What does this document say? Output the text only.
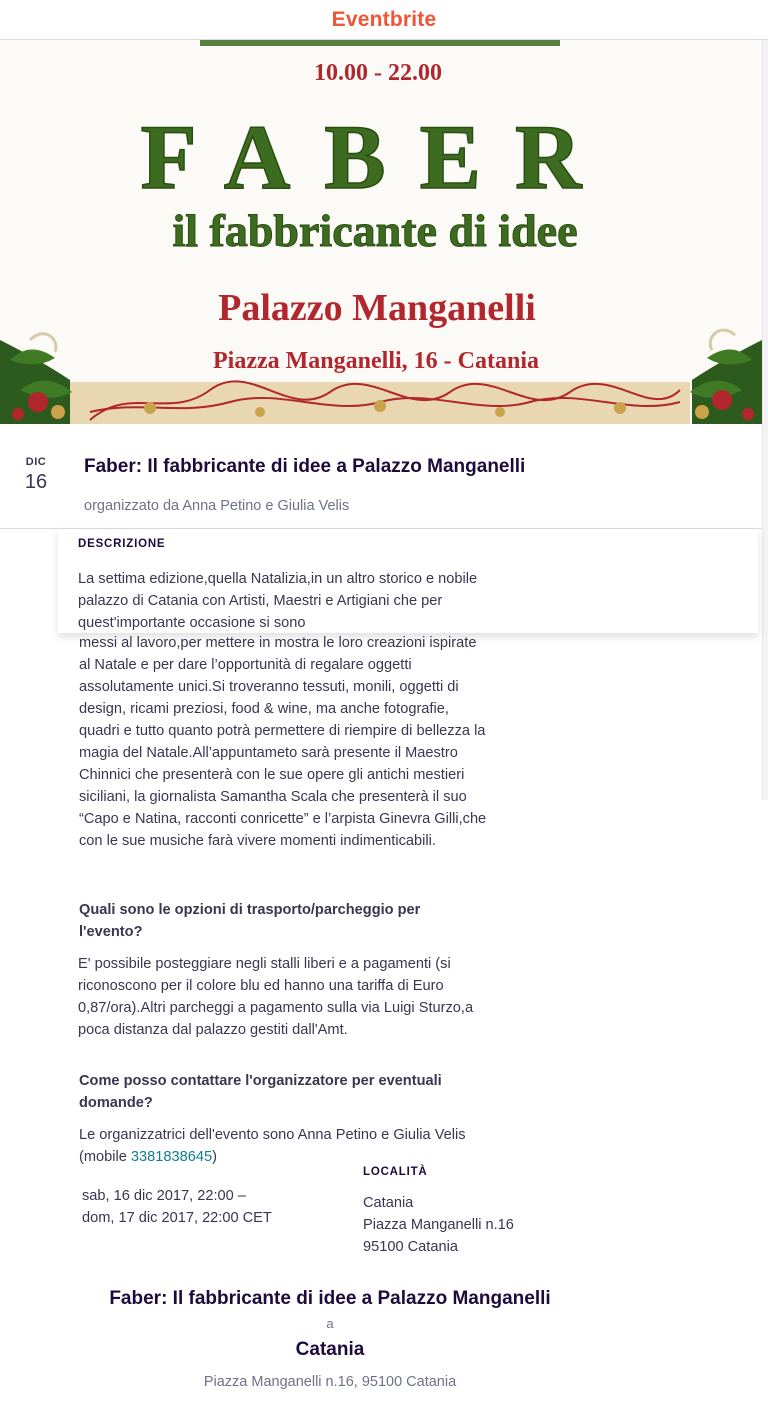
Eventbrite
10.00 - 22.00
FABER
il fabbricante di idee
Palazzo Manganelli
Piazza Manganelli, 16 - Catania
DIC
16
Faber: Il fabbricante di idee a Palazzo Manganelli
organizzato da Anna Petino e Giulia Velis
DESCRIZIONE

La settima edizione,quella Natalizia,in un altro storico e nobile palazzo di Catania con Artisti, Maestri e Artigiani che per quest'importante occasione si sono

messi al lavoro,per mettere in mostra le loro creazioni ispirate al Natale e per dare l’opportunità di regalare oggetti assolutamente unici.Si troveranno tessuti, monili, oggetti di design, ricami preziosi, food & wine, ma anche fotografie, quadri e tutto quanto potrà permettere di riempire di bellezza la magia del Natale.All’appuntameto sarà presente il Maestro Chinnici che presenterà con le sue opere gli antichi mestieri siciliani, la giornalista Samantha Scala che presenterà il suo “Capo e Natina, racconti conricette” e l’arpista Ginevra Gilli,che con le sue musiche farà vivere momenti indimenticabili.

Quali sono le opzioni di trasporto/parcheggio per l'evento?

E' possibile posteggiare negli stalli liberi e a pagamenti (si riconoscono per il colore blu ed hanno una tariffa di Euro 0,87/ora).Altri parcheggi a pagamento sulla via Luigi Sturzo,a poca distanza dal palazzo gestiti dall'Amt.

Come posso contattare l'organizzatore per eventuali domande?

Le organizzatrici dell'evento sono Anna Petino e Giulia Velis (mobile 3381838645)

sab, 16 dic 2017, 22:00 –
dom, 17 dic 2017, 22:00 CET
LOCALITÀ
Catania
Piazza Manganelli n.16
95100 Catania
Faber: Il fabbricante di idee a Palazzo Manganelli
a
Catania
Piazza Manganelli n.16, 95100 Catania
